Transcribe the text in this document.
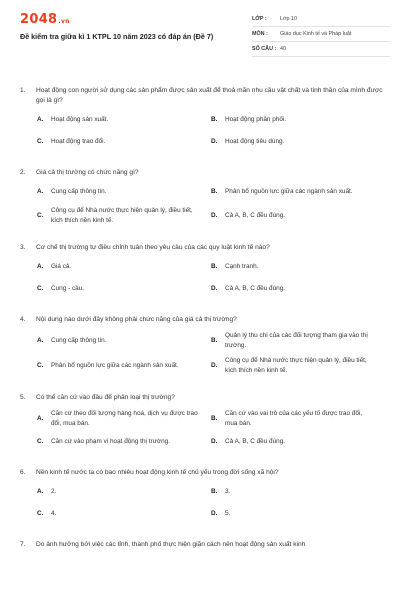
2048.vn
Đề kiểm tra giữa kì 1 KTPL 10 năm 2023 có đáp án (Đề 7)
LỚP :	Lớp 10
MÔN :	Giáo dục Kinh tế và Pháp luật
SỐ CÂU : 40
1.	Hoạt động con người sử dụng các sản phẩm được sản xuất để thoả mãn nhu cầu vật chất và tinh thần của mình được gọi là gì?
A.	Hoạt động sản xuất.	B.	Hoạt động phân phối.
C.	Hoạt động trao đổi.	D.	Hoạt động tiêu dùng.
2.	Giá cả thị trường có chức năng gì?
A.	Cung cấp thông tin.	B.	Phân bổ nguồn lực giữa các ngành sản xuất.
C.
Công cụ để Nhà nước thực hiện quản lý, điều tiết, kích thích nền kinh tế.
D.	Cả A, B, C đều đúng.
3.	Cơ chế thị trường tự điều chỉnh tuân theo yêu cầu của các quy luật kinh tế nào?
A.	Giá cả.	B.	Cạnh tranh.
C.	Cung - cầu.	D.	Cả A, B, C đều đúng.
4.	Nội dung nào dưới đây không phải chức năng của giá cả thị trường?
A.	Cung cấp thông tin.	B.
Quản lý thu chi của các đối tượng tham gia vào thị trường.
C.	Phân bổ nguồn lực giữa các ngành sản xuất.	D.
Công cụ để Nhà nước thực hiện quản lý, điều tiết, kích thích nền kinh tế.
5.	Có thể căn cứ vào đâu để phân loại thị trường?
A.
Căn cứ theo đối tượng hàng hoá, dịch vụ được trao đổi, mua bán.
B.
Căn cứ vào vai trò của các yếu tố được trao đổi, mua bán.
C.	Căn cứ vào phạm vi hoạt động thị trường.	D.	Cả A, B, C đều đúng.
6.	Nền kinh tế nước ta có bao nhiêu hoạt động kinh tế chủ yếu trong đời sống xã hội?
A.	2.	B.	3.
C.	4.	D.	5.
7.	Do ảnh hưởng bởi việc các tỉnh, thành phố thực hiện giãn cách nên hoạt động sản xuất kinh
